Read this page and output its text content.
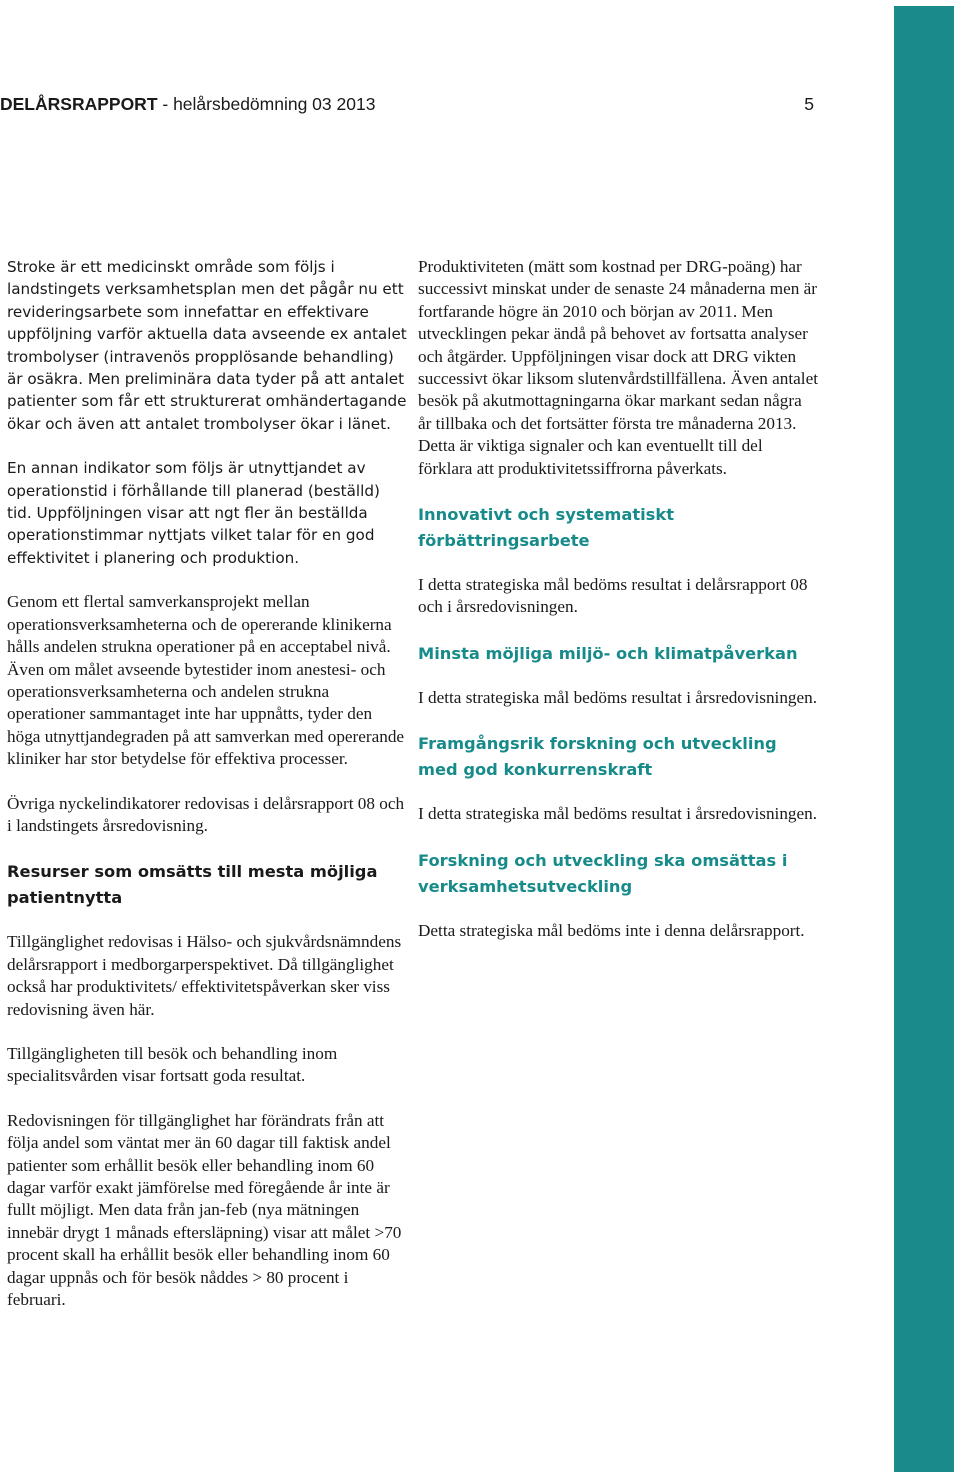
DELÅRSRAPPORT - helårsbedömning 03 2013	5

Stroke är ett medicinskt område som följs i landstingets verksamhetsplan men det pågår nu ett revideringsarbete som innefattar en effektivare uppföljning varför aktuella data avseende ex antalet trombolyser (intravenös propplösande behandling) är osäkra. Men preliminära data tyder på att antalet patienter som får ett strukturerat omhändertagande ökar och även att antalet trombolyser ökar i länet.

En annan indikator som följs är utnyttjandet av operationstid i förhållande till planerad (beställd) tid. Uppföljningen visar att ngt fler än beställda operationstimmar nyttjats vilket talar för en god effektivitet i planering och produktion.

Genom ett flertal samverkansprojekt mellan operationsverksamheterna och de opererande klinikerna hålls andelen strukna operationer på en acceptabel nivå. Även om målet avseende bytestider inom anestesi- och operationsverksamheterna och andelen strukna operationer sammantaget inte har uppnåtts, tyder den höga utnyttjandegraden på att samverkan med opererande kliniker har stor betydelse för effektiva processer.

Övriga nyckelindikatorer redovisas i delårsrapport 08 och i landstingets årsredovisning.

Resurser som omsätts till mesta möjliga patientnytta

Tillgänglighet redovisas i Hälso- och sjukvårdsnämndens delårsrapport i medborgarperspektivet. Då tillgänglighet också har produktivitets/ effektivitetspåverkan sker viss redovisning även här.

Tillgängligheten till besök och behandling inom specialitsvården visar fortsatt goda resultat.

Redovisningen för tillgänglighet har förändrats från att följa andel som väntat mer än 60 dagar till faktisk andel patienter som erhållit besök eller behandling inom 60 dagar varför exakt jämförelse med föregående år inte är fullt möjligt. Men data från jan-feb (nya mätningen innebär drygt 1 månads eftersläpning) visar att målet >70 procent skall ha erhållit besök eller behandling inom 60 dagar uppnås och för besök nåddes > 80 procent i februari.

Produktiviteten (mätt som kostnad per DRG-poäng) har successivt minskat under de senaste 24 månaderna men är fortfarande högre än 2010 och början av 2011. Men utvecklingen pekar ändå på behovet av fortsatta analyser och åtgärder. Uppföljningen visar dock att DRG vikten successivt ökar liksom slutenvårdstillfällena. Även antalet besök på akutmottagningarna ökar markant sedan några år tillbaka och det fortsätter första tre månaderna 2013. Detta är viktiga signaler och kan eventuellt till del förklara att produktivitetssiffrorna påverkats.

Innovativt och systematiskt förbättringsarbete

I detta strategiska mål bedöms resultat i delårsrapport 08 och i årsredovisningen.

Minsta möjliga miljö- och klimatpåverkan

I detta strategiska mål bedöms resultat i årsredovisningen.

Framgångsrik forskning och utveckling med god konkurrenskraft

I detta strategiska mål bedöms resultat i årsredovisningen.

Forskning och utveckling ska omsättas i verksamhetsutveckling

Detta strategiska mål bedöms inte i denna delårsrapport.
